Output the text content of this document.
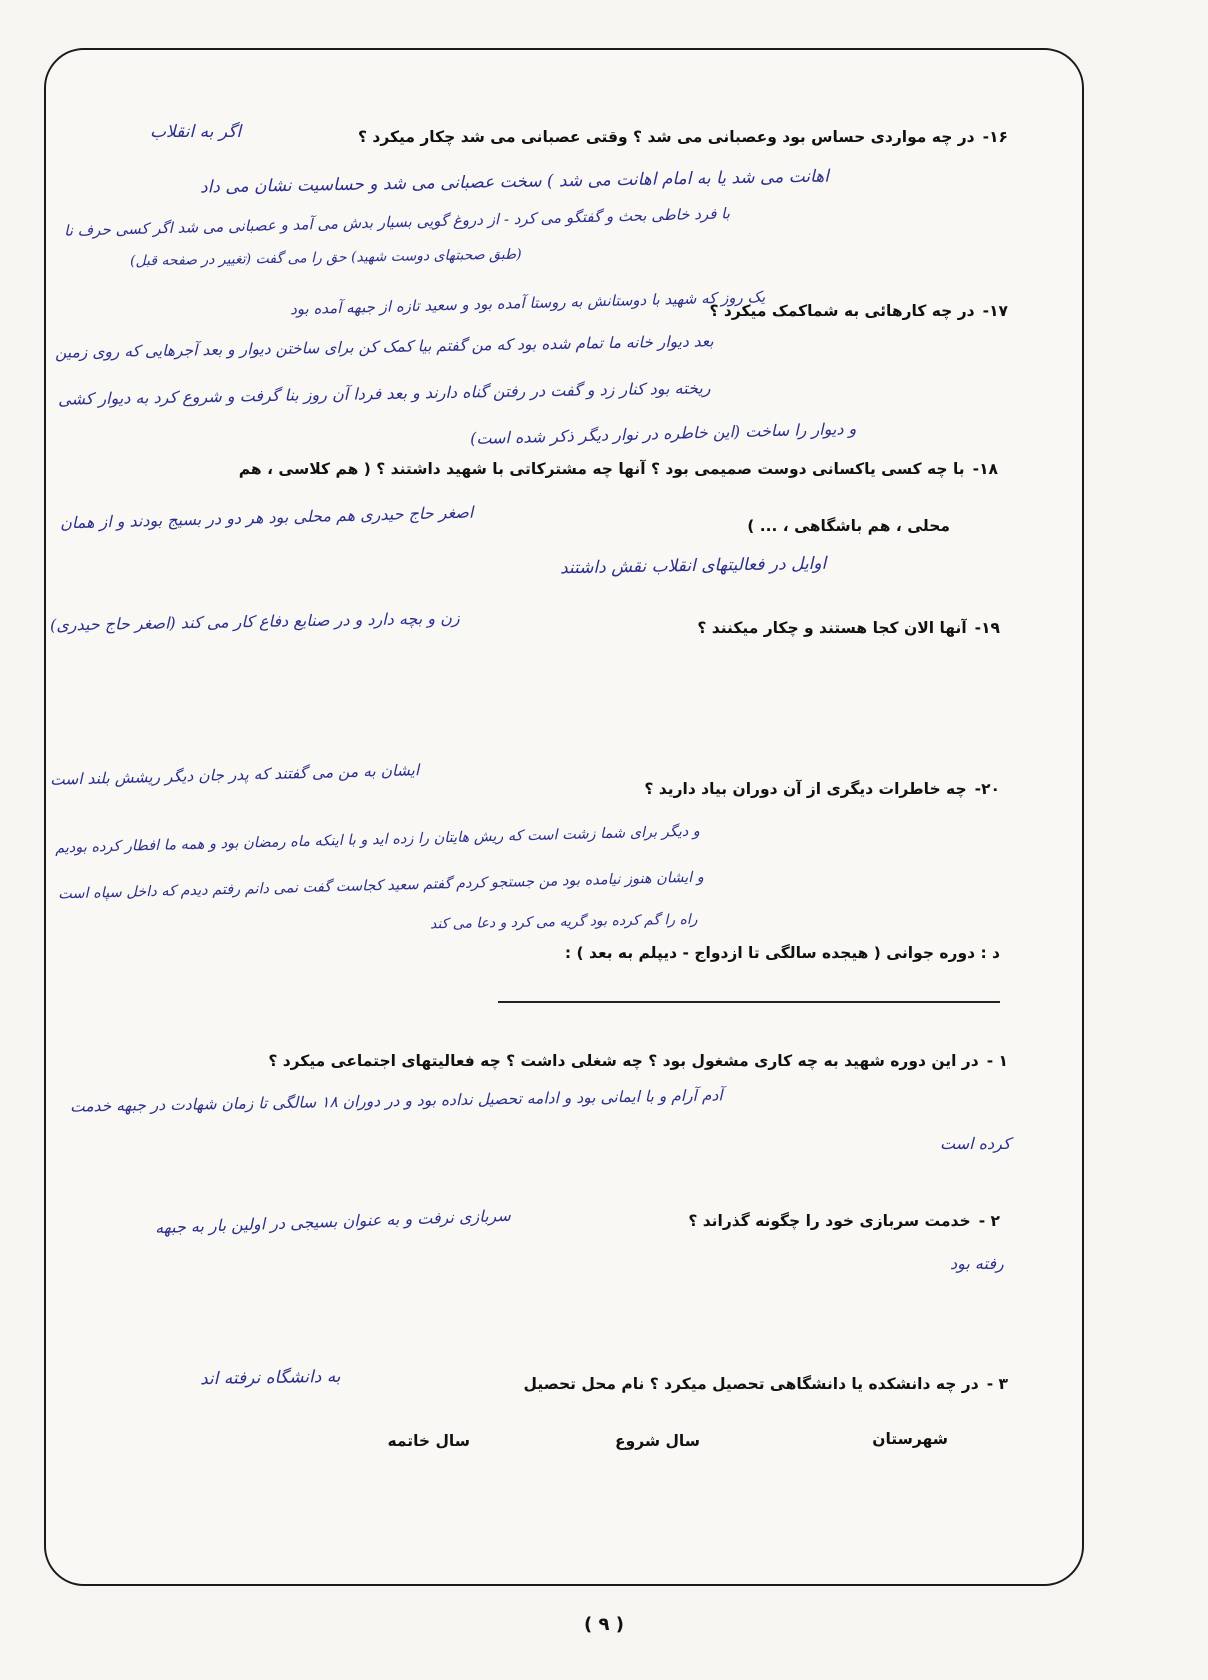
۱۶-در چه مواردی حساس بود وعصبانی می شد ؟ وقتی عصبانی می شد چکار میکرد ؟
اگر به انقلاب
اهانت می شد یا به امام اهانت می شد ) سخت عصبانی می شد و حساسیت نشان می داد
با فرد خاطی بحث و گفتگو می کرد - از دروغ گویی بسیار بدش می آمد و عصبانی می شد اگر کسی حرف نا
(طبق صحبتهای دوست شهید) حق را می گفت (تغییر در صفحه قبل)
۱۷-در چه کارهائی به شماکمک میکرد ؟
یک روز که شهید با دوستانش به روستا آمده بود و سعید تازه از جبهه آمده بود
بعد دیوار خانه ما تمام شده بود که من گفتم بیا کمک کن برای ساختن دیوار و بعد آجرهایی که روی زمین
ریخته بود کنار زد و گفت در رفتن گناه دارند و بعد فردا آن روز بنا گرفت و شروع کرد به دیوار کشی
و دیوار را ساخت (این خاطره در نوار دیگر ذکر شده است)
۱۸-با چه کسی یاکسانی دوست صمیمی بود ؟ آنها چه مشترکاتی با شهید داشتند ؟ ( هم کلاسی ، هم
محلی ، هم باشگاهی ، ... )
اصغر حاج حیدری هم محلی بود هر دو در بسیج بودند و از همان
اوایل در فعالیتهای انقلاب نقش داشتند
۱۹-آنها الان کجا هستند و چکار میکنند ؟
زن و بچه دارد و در صنایع دفاع کار می کند (اصغر حاج حیدری)
۲۰-چه خاطرات دیگری از آن دوران بیاد دارید ؟
ایشان به من می گفتند که پدر جان دیگر ریشش بلند است
و دیگر برای شما زشت است که ریش هایتان را زده اید و با اینکه ماه رمضان بود و همه ما افطار کرده بودیم
و ایشان هنوز نیامده بود من جستجو کردم گفتم سعید کجاست گفت نمی دانم رفتم دیدم که داخل سپاه است
راه را گم کرده بود گریه می کرد و دعا می کند
د : دوره جوانی ( هیجده سالگی تا ازدواج - دیپلم به بعد ) :
۱ -در این دوره شهید به چه کاری مشغول بود ؟ چه شغلی داشت ؟ چه فعالیتهای اجتماعی میکرد ؟
آدم آرام و با ایمانی بود و ادامه تحصیل نداده بود و در دوران ۱۸ سالگی تا زمان شهادت در جبهه خدمت
کرده است
۲ -خدمت سربازی خود را چگونه گذراند ؟
سربازی نرفت و به عنوان بسیجی در اولین بار به جبهه
رفته بود
۳ -در چه دانشکده یا دانشگاهی تحصیل میکرد ؟ نام محل تحصیل
به دانشگاه نرفته اند
شهرستان
سال شروع
سال خاتمه
( ۹ )
